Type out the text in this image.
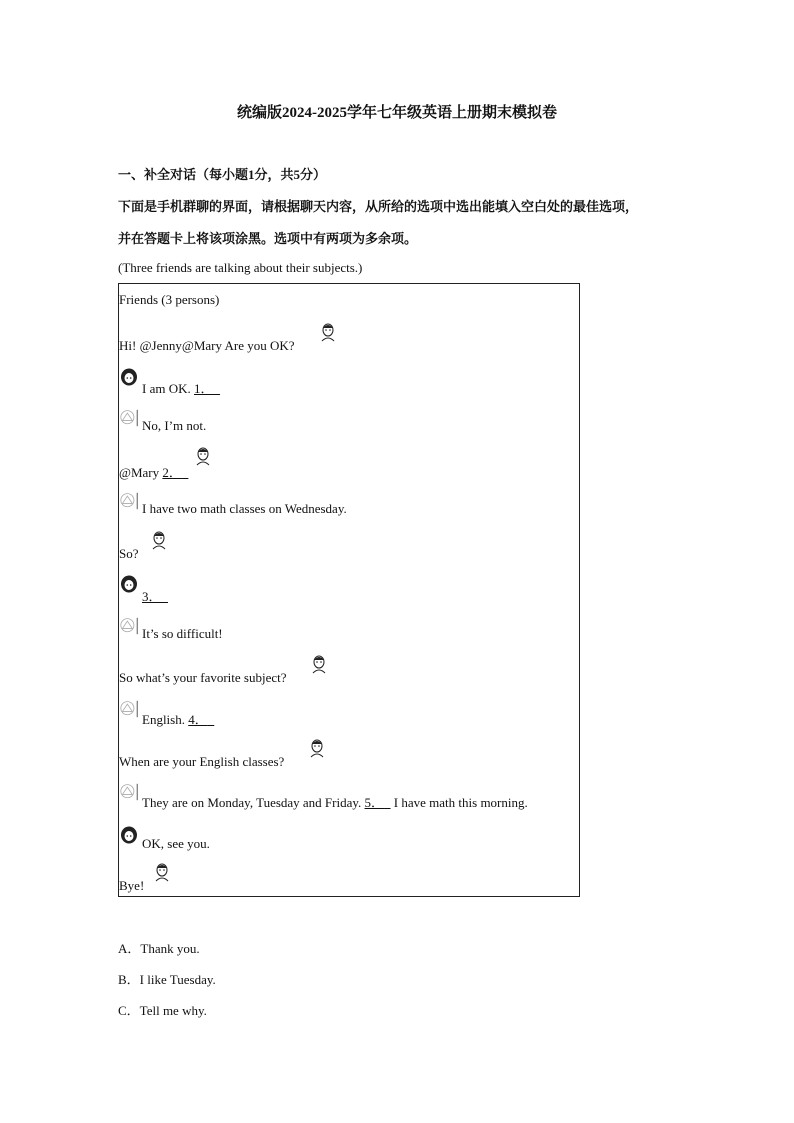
统编版2024-2025学年七年级英语上册期末模拟卷
一、补全对话（每小题1分，共5分）
下面是手机群聊的界面，请根据聊天内容，从所给的选项中选出能填入空白处的最佳选项，
并在答题卡上将该项涂黑。选项中有两项为多余项。
(Three friends are talking about their subjects.)
Friends (3 persons)
Hi! @Jenny@Mary Are you OK?
I am OK. 1．
No, I’m not.
@Mary 2．
I have two math classes on Wednesday.
So?
3．
It’s so difficult!
So what’s your favorite subject?
English. 4．
When are your English classes?
They are on Monday, Tuesday and Friday. 5．   I have math this morning.
OK, see you.
Bye!
A．Thank you.
B．I like Tuesday.
C．Tell me why.
